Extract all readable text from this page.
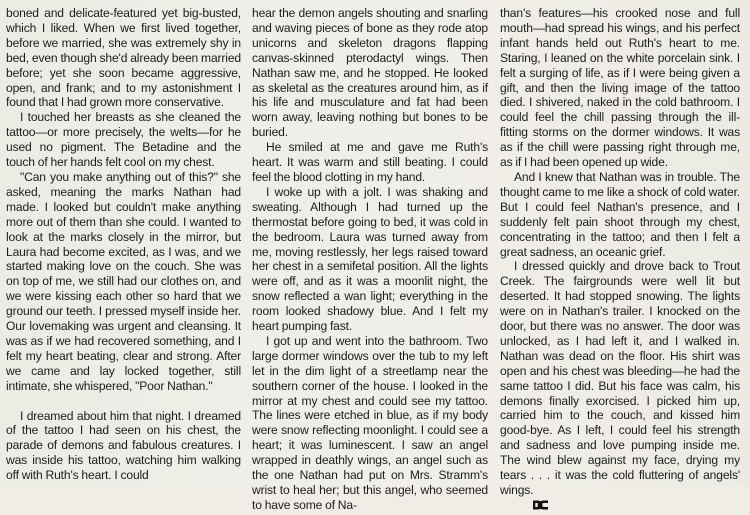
boned and delicate-featured yet big-busted, which I liked. When we first lived together, before we married, she was extremely shy in bed, even though she'd already been married before; yet she soon became aggressive, open, and frank; and to my astonishment I found that I had grown more conservative.

I touched her breasts as she cleaned the tattoo—or more precisely, the welts—for he used no pigment. The Betadine and the touch of her hands felt cool on my chest.

"Can you make anything out of this?" she asked, meaning the marks Nathan had made. I looked but couldn't make anything more out of them than she could. I wanted to look at the marks closely in the mirror, but Laura had become excited, as I was, and we started making love on the couch. She was on top of me, we still had our clothes on, and we were kissing each other so hard that we ground our teeth. I pressed myself inside her. Our lovemaking was urgent and cleansing. It was as if we had recovered something, and I felt my heart beating, clear and strong. After we came and lay locked together, still intimate, she whispered, "Poor Nathan."

I dreamed about him that night. I dreamed of the tattoo I had seen on his chest, the parade of demons and fabulous creatures. I was inside his tattoo, watching him walking off with Ruth's heart. I could

hear the demon angels shouting and snarling and waving pieces of bone as they rode atop unicorns and skeleton dragons flapping canvas-skinned pterodactyl wings. Then Nathan saw me, and he stopped. He looked as skeletal as the creatures around him, as if his life and musculature and fat had been worn away, leaving nothing but bones to be buried.

He smiled at me and gave me Ruth's heart. It was warm and still beating. I could feel the blood clotting in my hand.

I woke up with a jolt. I was shaking and sweating. Although I had turned up the thermostat before going to bed, it was cold in the bedroom. Laura was turned away from me, moving restlessly, her legs raised toward her chest in a semifetal position. All the lights were off, and as it was a moonlit night, the snow reflected a wan light; everything in the room looked shadowy blue. And I felt my heart pumping fast.

I got up and went into the bathroom. Two large dormer windows over the tub to my left let in the dim light of a streetlamp near the southern corner of the house. I looked in the mirror at my chest and could see my tattoo. The lines were etched in blue, as if my body were snow reflecting moonlight. I could see a heart; it was luminescent. I saw an angel wrapped in deathly wings, an angel such as the one Nathan had put on Mrs. Stramm's wrist to heal her; but this angel, who seemed to have some of Na-

than's features—his crooked nose and full mouth—had spread his wings, and his perfect infant hands held out Ruth's heart to me. Staring, I leaned on the white porcelain sink. I felt a surging of life, as if I were being given a gift, and then the living image of the tattoo died. I shivered, naked in the cold bathroom. I could feel the chill passing through the ill-fitting storms on the dormer windows. It was as if the chill were passing right through me, as if I had been opened up wide.

And I knew that Nathan was in trouble. The thought came to me like a shock of cold water. But I could feel Nathan's presence, and I suddenly felt pain shoot through my chest, concentrating in the tattoo; and then I felt a great sadness, an oceanic grief.

I dressed quickly and drove back to Trout Creek. The fairgrounds were well lit but deserted. It had stopped snowing. The lights were on in Nathan's trailer. I knocked on the door, but there was no answer. The door was unlocked, as I had left it, and I walked in. Nathan was dead on the floor. His shirt was open and his chest was bleeding—he had the same tattoo I did. But his face was calm, his demons finally exorcised. I picked him up, carried him to the couch, and kissed him good-bye. As I left, I could feel his strength and sadness and love pumping inside me. The wind blew against my face, drying my tears . . . it was the cold fluttering of angels' wings.
